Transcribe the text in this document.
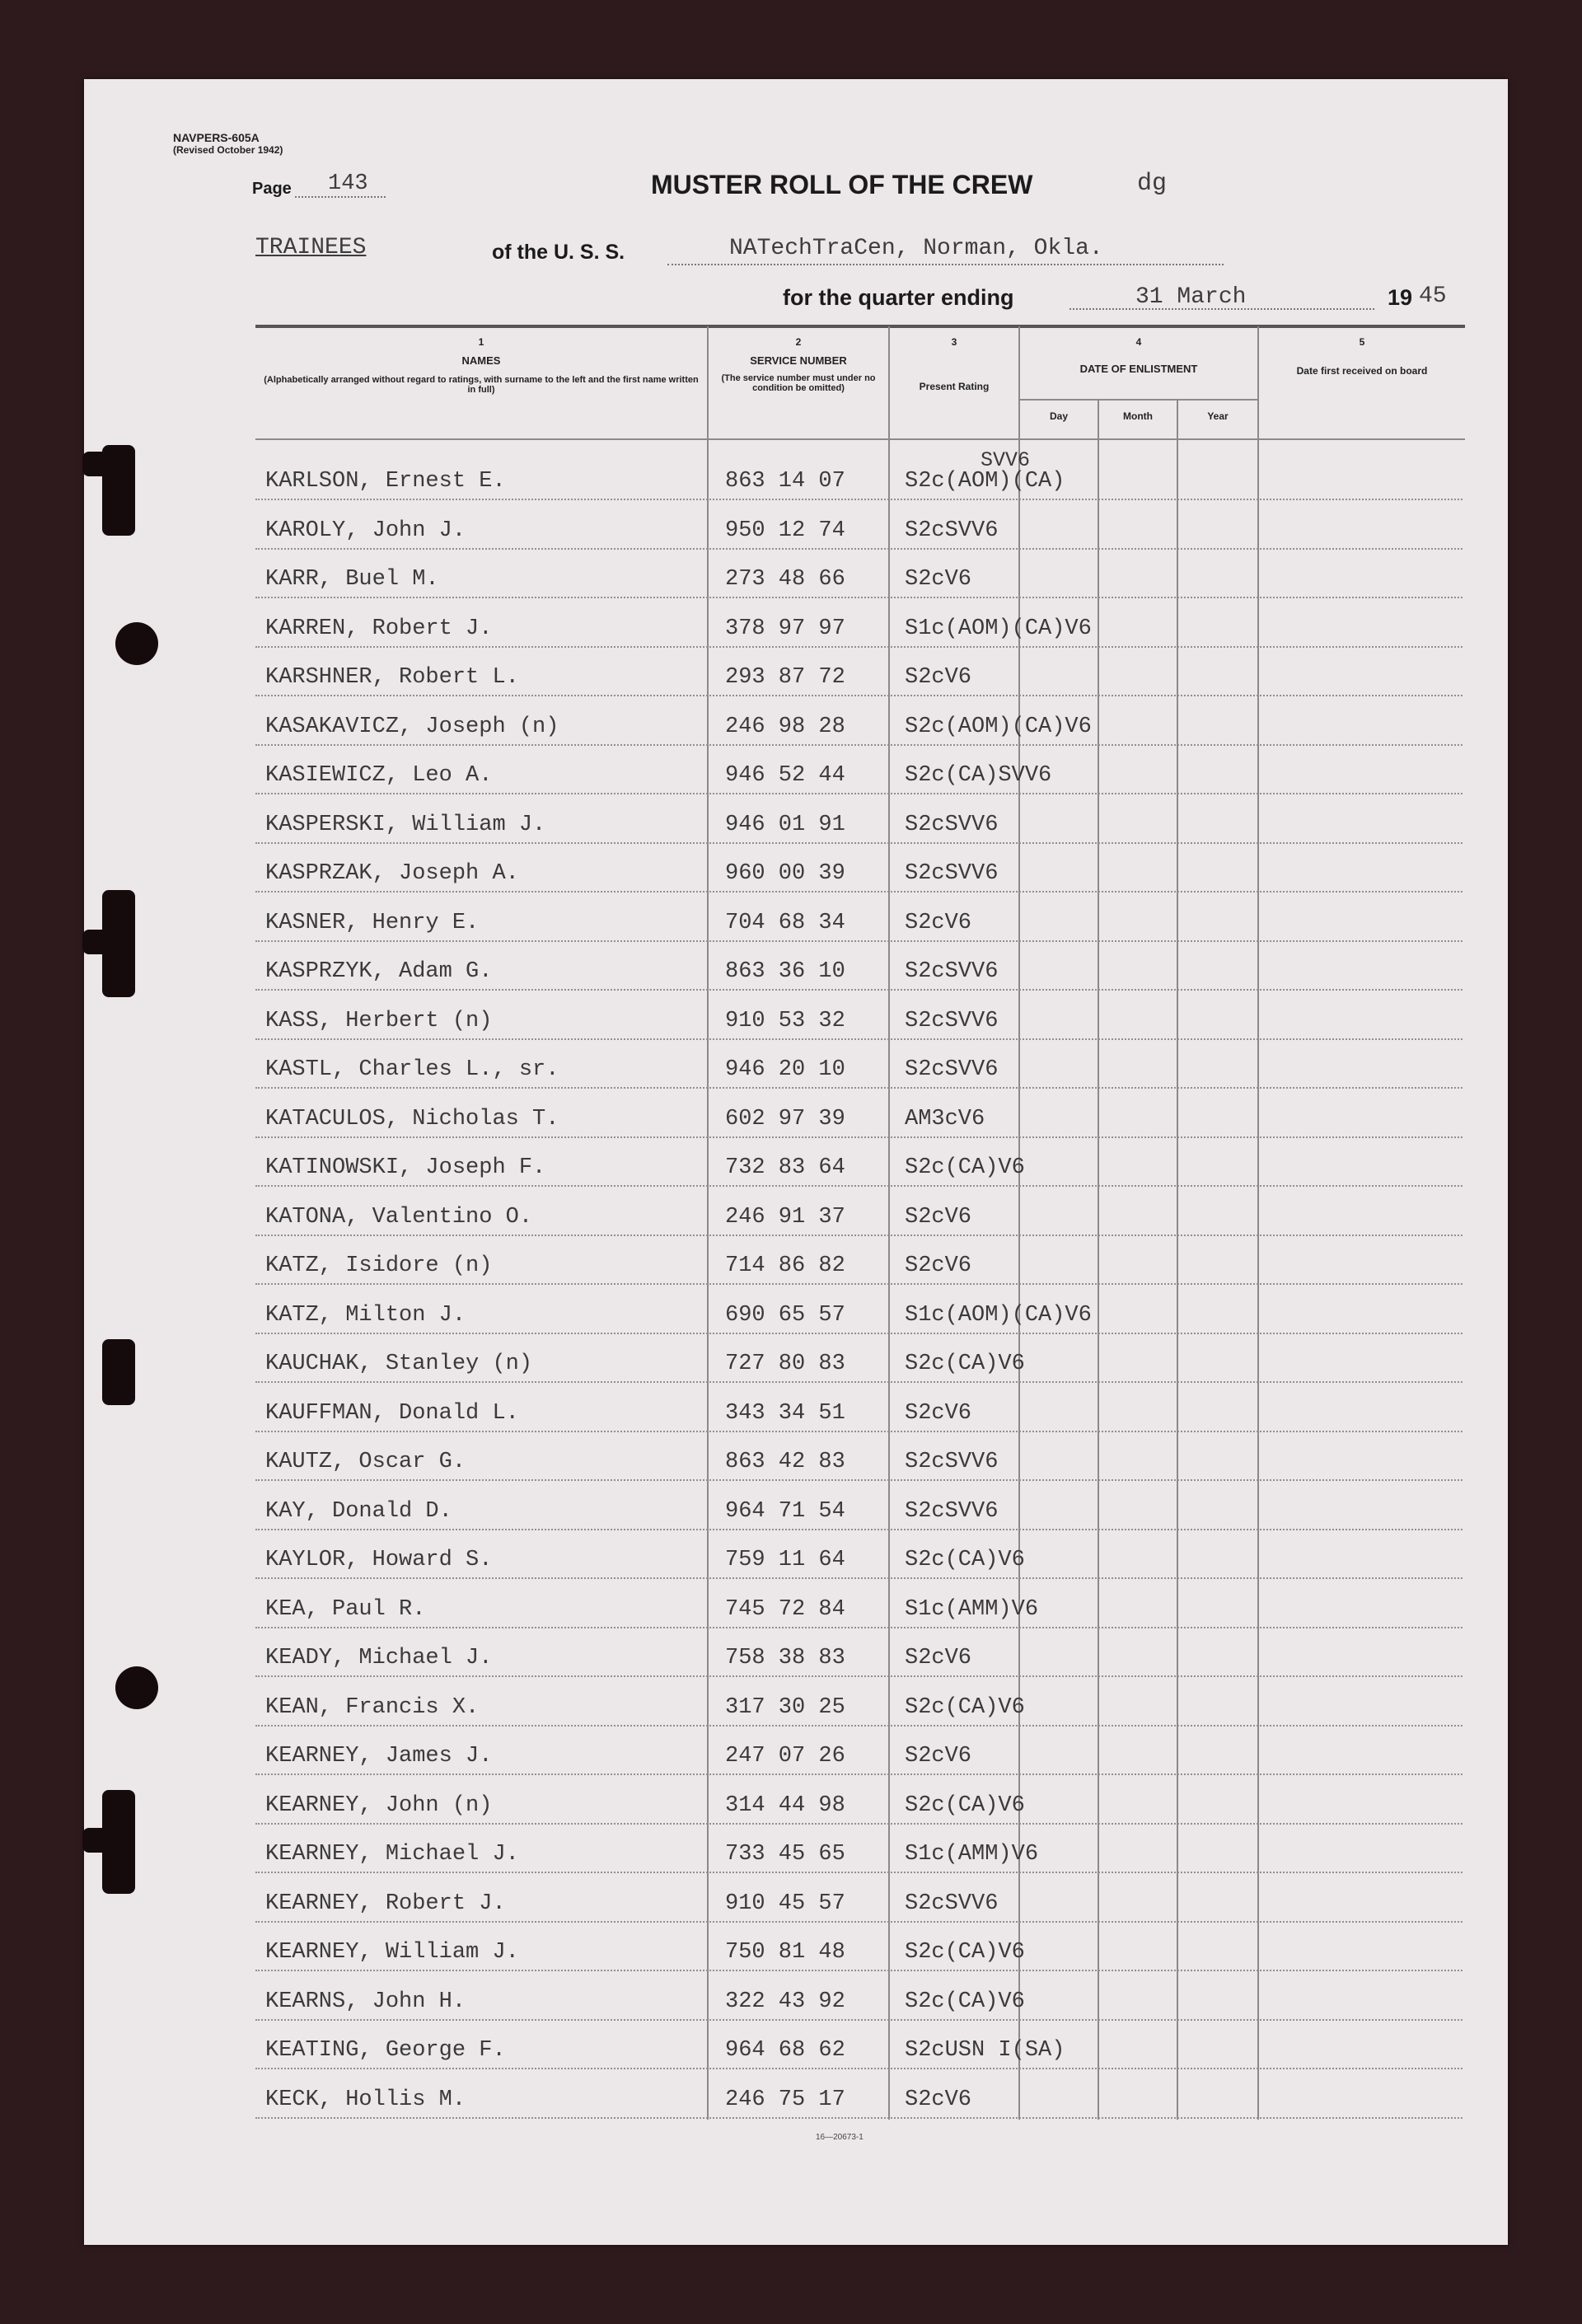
NAVPERS-605A
(Revised October 1942)
Page 143	MUSTER ROLL OF THE CREW	dg
TRAINEES	of the U. S. S.	NATechTraCen, Norman, Okla.
for the quarter ending	31 March	19 45
1
NAMES
(Alphabetically arranged without regard to ratings, with surname to the left and the first name written in full)
2
SERVICE NUMBER
(The service number must under no condition be omitted)
3
Present Rating
4
DATE OF ENLISTMENT
Day	Month	Year
5
Date first received on board
KARLSON, Ernest E.	863 14 07	S2c(AOM)(CA)
SVV6
KAROLY, John J.	950 12 74	S2cSVV6
KARR, Buel M.	273 48 66	S2cV6
KARREN, Robert J.	378 97 97	S1c(AOM)(CA)V6
KARSHNER, Robert L.	293 87 72	S2cV6
KASAKAVICZ, Joseph (n)	246 98 28	S2c(AOM)(CA)V6
KASIEWICZ, Leo A.	946 52 44	S2c(CA)SVV6
KASPERSKI, William J.	946 01 91	S2cSVV6
KASPRZAK, Joseph A.	960 00 39	S2cSVV6
KASNER, Henry E.	704 68 34	S2cV6
KASPRZYK, Adam G.	863 36 10	S2cSVV6
KASS, Herbert (n)	910 53 32	S2cSVV6
KASTL, Charles L., sr.	946 20 10	S2cSVV6
KATACULOS, Nicholas T.	602 97 39	AM3cV6
KATINOWSKI, Joseph F.	732 83 64	S2c(CA)V6
KATONA, Valentino O.	246 91 37	S2cV6
KATZ, Isidore (n)	714 86 82	S2cV6
KATZ, Milton J.	690 65 57	S1c(AOM)(CA)V6
KAUCHAK, Stanley (n)	727 80 83	S2c(CA)V6
KAUFFMAN, Donald L.	343 34 51	S2cV6
KAUTZ, Oscar G.	863 42 83	S2cSVV6
KAY, Donald D.	964 71 54	S2cSVV6
KAYLOR, Howard S.	759 11 64	S2c(CA)V6
KEA, Paul R.	745 72 84	S1c(AMM)V6
KEADY, Michael J.	758 38 83	S2cV6
KEAN, Francis X.	317 30 25	S2c(CA)V6
KEARNEY, James J.	247 07 26	S2cV6
KEARNEY, John (n)	314 44 98	S2c(CA)V6
KEARNEY, Michael J.	733 45 65	S1c(AMM)V6
KEARNEY, Robert J.	910 45 57	S2cSVV6
KEARNEY, William J.	750 81 48	S2c(CA)V6
KEARNS, John H.	322 43 92	S2c(CA)V6
KEATING, George F.	964 68 62	S2cUSN I(SA)
KECK, Hollis M.	246 75 17	S2cV6
16—20673-1
